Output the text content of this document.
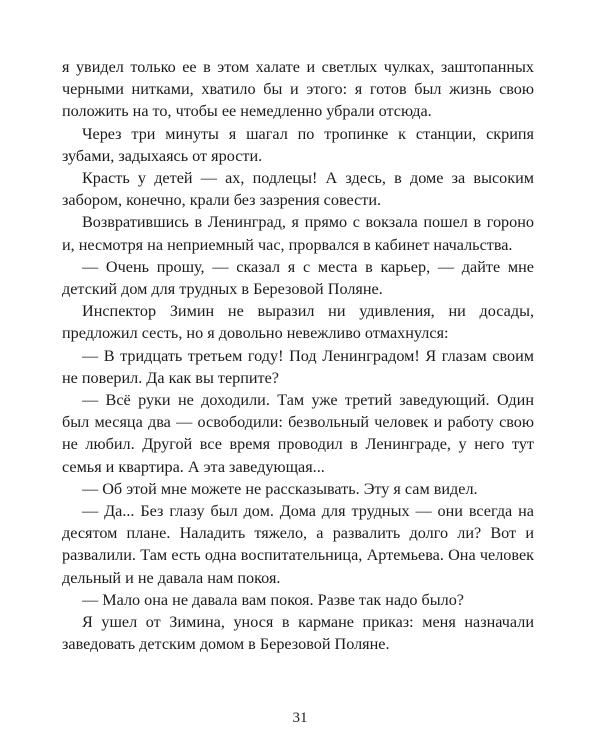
я увидел только ее в этом халате и светлых чулках, заштопанных черными нитками, хватило бы и этого: я готов был жизнь свою положить на то, чтобы ее немедленно убрали отсюда.

Через три минуты я шагал по тропинке к станции, скрипя зубами, задыхаясь от ярости.

Красть у детей — ах, подлецы! А здесь, в доме за высоким забором, конечно, крали без зазрения совести.

Возвратившись в Ленинград, я прямо с вокзала пошел в гороно и, несмотря на неприемный час, прорвался в кабинет начальства.

— Очень прошу, — сказал я с места в карьер, — дайте мне детский дом для трудных в Березовой Поляне.

Инспектор Зимин не выразил ни удивления, ни досады, предложил сесть, но я довольно невежливо отмахнулся:

— В тридцать третьем году! Под Ленинградом! Я глазам своим не поверил. Да как вы терпите?

— Всё руки не доходили. Там уже третий заведующий. Один был месяца два — освободили: безвольный человек и работу свою не любил. Другой все время проводил в Ленинграде, у него тут семья и квартира. А эта заведующая...

— Об этой мне можете не рассказывать. Эту я сам видел.

— Да... Без глазу был дом. Дома для трудных — они всегда на десятом плане. Наладить тяжело, а развалить долго ли? Вот и развалили. Там есть одна воспитательница, Артемьева. Она человек дельный и не давала нам покоя.

— Мало она не давала вам покоя. Разве так надо было?

Я ушел от Зимина, унося в кармане приказ: меня назначали заведовать детским домом в Березовой Поляне.

31
